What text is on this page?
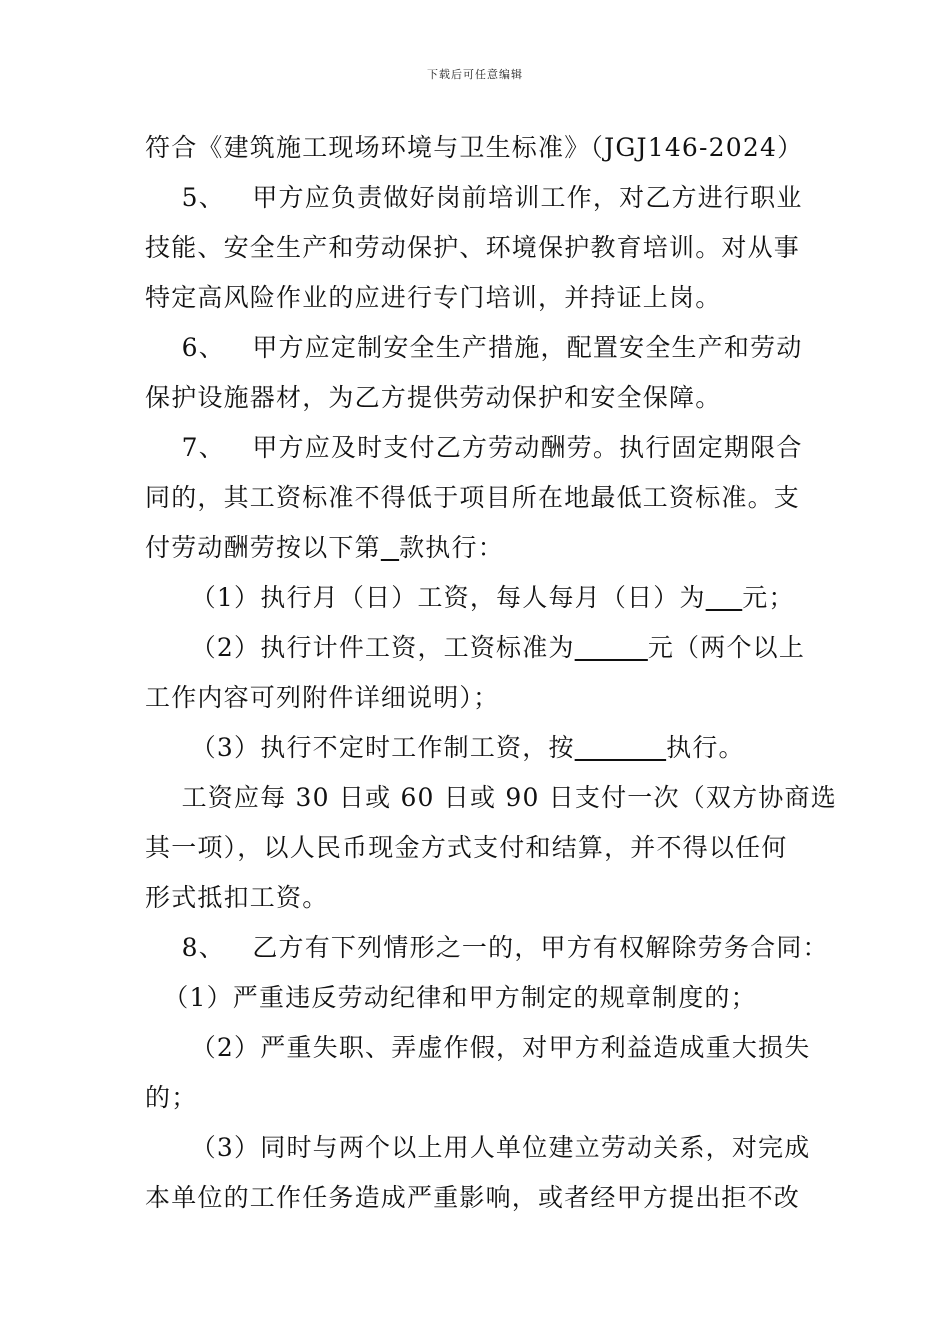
下载后可任意编辑
符合《建筑施工现场环境与卫生标准》（JGJ146-2024）
5、   甲方应负责做好岗前培训工作，对乙方进行职业
技能、安全生产和劳动保护、环境保护教育培训。对从事
特定高风险作业的应进行专门培训，并持证上岗。
6、   甲方应定制安全生产措施，配置安全生产和劳动
保护设施器材，为乙方提供劳动保护和安全保障。
7、   甲方应及时支付乙方劳动酬劳。执行固定期限合
同的，其工资标准不得低于项目所在地最低工资标准。支
付劳动酬劳按以下第 款执行：
（1）执行月（日）工资，每人每月（日）为 元；
（2）执行计件工资，工资标准为	元（两个以上
工作内容可列附件详细说明）；
（3）执行不定时工作制工资，按	执行。
工资应每 30 日或 60 日或 90 日支付一次（双方协商选
其一项），以人民币现金方式支付和结算，并不得以任何
形式抵扣工资。
8、   乙方有下列情形之一的，甲方有权解除劳务合同：
（1）严重违反劳动纪律和甲方制定的规章制度的；
（2）严重失职、弄虚作假，对甲方利益造成重大损失
的；
（3）同时与两个以上用人单位建立劳动关系，对完成
本单位的工作任务造成严重影响，或者经甲方提出拒不改
